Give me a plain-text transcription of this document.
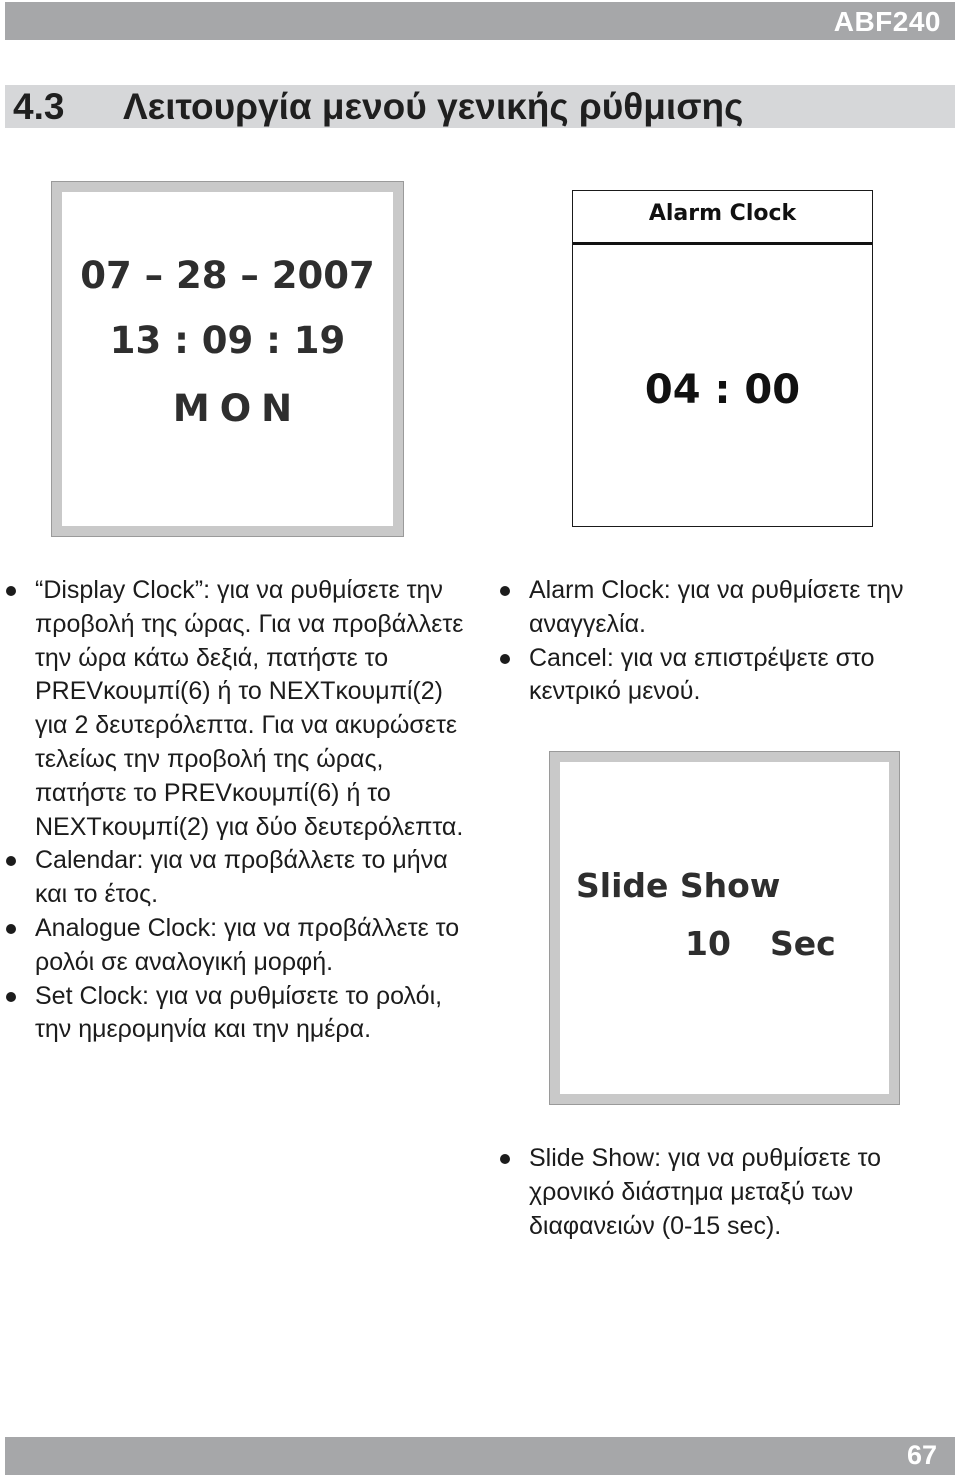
ABF240
4.3 Λειτουργία μενού γενικής ρύθμισης
07 – 28 – 2007
13 : 09 : 19
MON
Alarm Clock
04 : 00
“Display Clock”: για να ρυθμίσετε την προβολή της ώρας. Για να προβάλλετε την ώρα κάτω δεξιά, πατήστε το PREVκουμπί(6) ή το NEXTκουμπί(2) για 2 δευτερόλεπτα. Για να ακυρώσετε τελείως την προβολή της ώρας, πατήστε το PREVκουμπί(6) ή το NEXTκουμπί(2) για δύο δευτερόλεπτα.
Calendar: για να προβάλλετε το μήνα και το έτος.
Analogue Clock: για να προβάλλετε το ρολόι σε αναλογική μορφή.
Set Clock: για να ρυθμίσετε το ρολόι, την ημερομηνία και την ημέρα.
Alarm Clock: για να ρυθμίσετε την αναγγελία.
Cancel: για να επιστρέψετε στο κεντρικό μενού.
Slide Show
10 Sec
Slide Show: για να ρυθμίσετε το χρονικό διάστημα μεταξύ των διαφανειών (0-15 sec).
67
